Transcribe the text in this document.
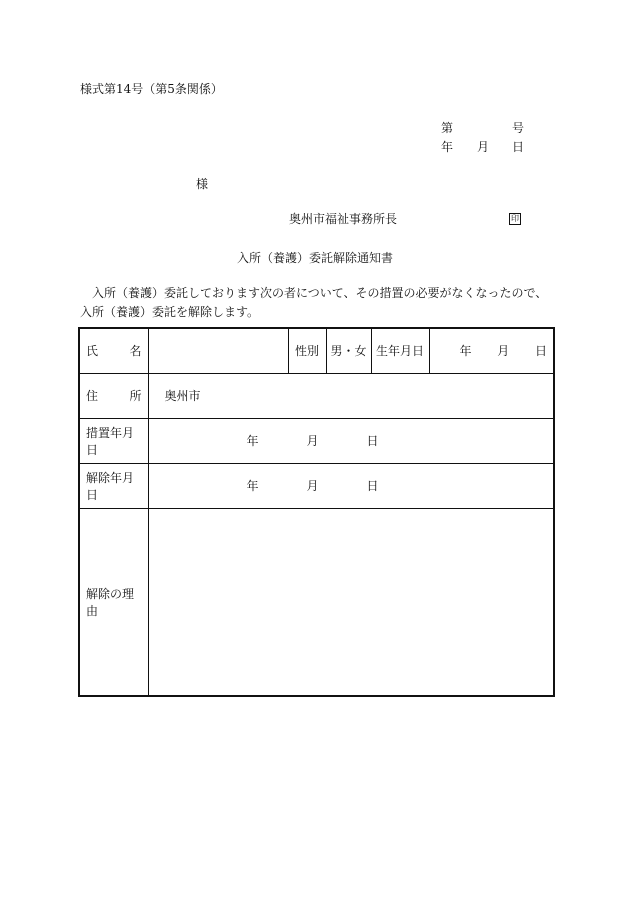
様式第14号（第5条関係）
第	号
年 月 日
様
奥州市福祉事務所長	印
入所（養護）委託解除通知書
入所（養護）委託しております次の者について、その措置の必要がなくなったので、入所（養護）委託を解除します。
氏 名		性別	男・女	生年月日	年 月 日

住 所	奥州市				
措置年月日	年 月 日				

解除年月日	年 月 日				

解除の理由					
